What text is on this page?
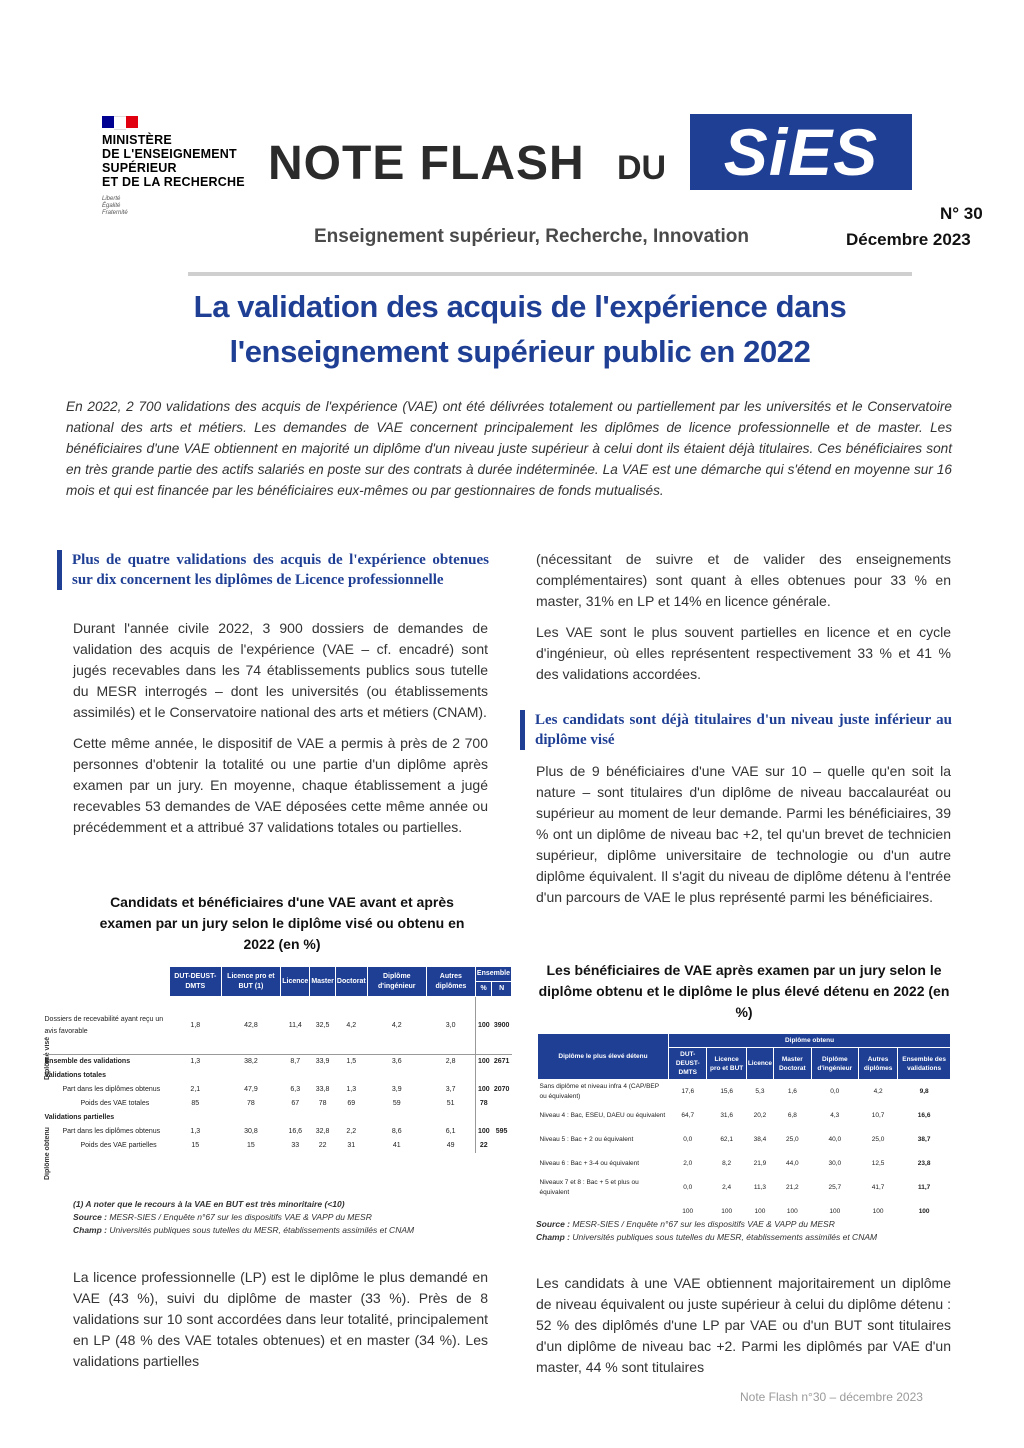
MINISTÈRE
DE L'ENSEIGNEMENT
SUPÉRIEUR
ET DE LA RECHERCHE
Liberté
Égalité
Fraternité
NOTE FLASH DU SiES
Enseignement supérieur, Recherche, Innovation
N° 30
Décembre 2023
La validation des acquis de l'expérience dans
l'enseignement supérieur public en 2022
En 2022, 2 700 validations des acquis de l'expérience (VAE) ont été délivrées totalement ou partiellement par les universités et le Conservatoire national des arts et métiers. Les demandes de VAE concernent principalement les diplômes de licence professionnelle et de master. Les bénéficiaires d'une VAE obtiennent en majorité un diplôme d'un niveau juste supérieur à celui dont ils étaient déjà titulaires. Ces bénéficiaires sont en très grande partie des actifs salariés en poste sur des contrats à durée indéterminée. La VAE est une démarche qui s'étend en moyenne sur 16 mois et qui est financée par les bénéficiaires eux-mêmes ou par gestionnaires de fonds mutualisés.
Plus de quatre validations des acquis de l'expérience obtenues sur dix concernent les diplômes de Licence professionnelle

Durant l'année civile 2022, 3 900 dossiers de demandes de validation des acquis de l'expérience (VAE – cf. encadré) sont jugés recevables dans les 74 établissements publics sous tutelle du MESR interrogés – dont les universités (ou établissements assimilés) et le Conservatoire national des arts et métiers (CNAM).

Cette même année, le dispositif de VAE a permis à près de 2 700 personnes d'obtenir la totalité ou une partie d'un diplôme après examen par un jury. En moyenne, chaque établissement a jugé recevables 53 demandes de VAE déposées cette même année ou précédemment et a attribué 37 validations totales ou partielles.

Candidats et bénéficiaires d'une VAE avant et après examen par un jury selon le diplôme visé ou obtenu en 2022 (en %)
Diplôme visé
Diplôme obtenu
	DUT-DEUST-DMTS	Licence pro et BUT (1)	Licence	Master	Doctorat	Diplôme d'ingénieur	Autres diplômes	Ensemble	
								%	N
Dossiers de recevabilité ayant reçu un avis favorable	1,8	42,8	11,4	32,5	4,2	4,2	3,0	100	3900
Ensemble des validations	1,3	38,2	8,7	33,9	1,5	3,6	2,8	100	2671
Validations totales									
Part dans les diplômes obtenus	2,1	47,9	6,3	33,8	1,3	3,9	3,7	100	2070
Poids des VAE totales	85	78	67	78	69	59	51	78	
Validations partielles									
Part dans les diplômes obtenus	1,3	30,8	16,6	32,8	2,2	8,6	6,1	100	595
Poids des VAE partielles	15	15	33	22	31	41	49	22	
(1) A noter que le recours à la VAE en BUT est très minoritaire (<10)
Source : MESR-SIES / Enquête n°67 sur les dispositifs VAE & VAPP du MESR
Champ : Universités publiques sous tutelles du MESR, établissements assimilés et CNAM

La licence professionnelle (LP) est le diplôme le plus demandé en VAE (43 %), suivi du diplôme de master (33 %). Près de 8 validations sur 10 sont accordées dans leur totalité, principalement en LP (48 % des VAE totales obtenues) et en master (34 %). Les validations partielles

(nécessitant de suivre et de valider des enseignements complémentaires) sont quant à elles obtenues pour 33 % en master, 31% en LP et 14% en licence générale.

Les VAE sont le plus souvent partielles en licence et en cycle d'ingénieur, où elles représentent respectivement 33 % et 41 % des validations accordées.

Les candidats sont déjà titulaires d'un niveau juste inférieur au diplôme visé

Plus de 9 bénéficiaires d'une VAE sur 10 – quelle qu'en soit la nature – sont titulaires d'un diplôme de niveau baccalauréat ou supérieur au moment de leur demande. Parmi les bénéficiaires, 39 % ont un diplôme de niveau bac +2, tel qu'un brevet de technicien supérieur, diplôme universitaire de technologie ou d'un autre diplôme équivalent. Il s'agit du niveau de diplôme détenu à l'entrée d'un parcours de VAE le plus représenté parmi les bénéficiaires.

Les bénéficiaires de VAE après examen par un jury selon le diplôme obtenu et le diplôme le plus élevé détenu en 2022 (en %)
Diplôme le plus élevé détenu	Diplôme obtenu						
	DUT-DEUST-DMTS	Licence pro et BUT	Licence	Master Doctorat	Diplôme d'ingénieur	Autres diplômes	Ensemble des validations
Sans diplôme et niveau infra 4 (CAP/BEP ou équivalent)	17,6	15,6	5,3	1,6	0,0	4,2	9,8
Niveau 4 : Bac, ESEU, DAEU ou équivalent	64,7	31,6	20,2	6,8	4,3	10,7	16,6
Niveau 5 : Bac + 2 ou équivalent	0,0	62,1	38,4	25,0	40,0	25,0	38,7
Niveau 6 : Bac + 3-4 ou équivalent	2,0	8,2	21,9	44,0	30,0	12,5	23,8
Niveaux 7 et 8 : Bac + 5 et plus ou équivalent	0,0	2,4	11,3	21,2	25,7	41,7	11,7
	100	100	100	100	100	100	100
Source : MESR-SIES / Enquête n°67 sur les dispositifs VAE & VAPP du MESR
Champ : Universités publiques sous tutelles du MESR, établissements assimilés et CNAM

Les candidats à une VAE obtiennent majoritairement un diplôme de niveau équivalent ou juste supérieur à celui du diplôme détenu : 52 % des diplômés d'une LP par VAE ou d'un BUT sont titulaires d'un diplôme de niveau bac +2. Parmi les diplômés par VAE d'un master, 44 % sont titulaires

Note Flash n°30 – décembre 2023
